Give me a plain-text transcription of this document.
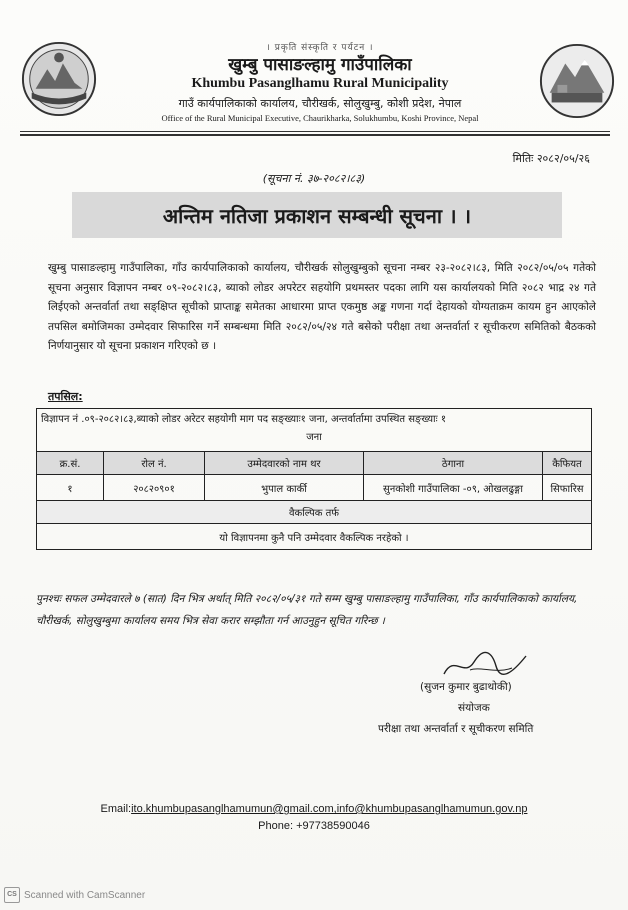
। प्रकृति संस्कृति र पर्यटन ।
खुम्बु पासाङल्हामु गाउँपालिका
Khumbu Pasanglhamu Rural Municipality
गाउँ कार्यपालिकाको कार्यालय, चौरीखर्क, सोलुखुम्बु, कोशी प्रदेश, नेपाल
Office of the Rural Municipal Executive, Chaurikharka, Solukhumbu, Koshi Province, Nepal
मितिः २०८२/०५/२६
(सूचना नं. ३७-२०८२।८३)
अन्तिम नतिजा प्रकाशन सम्बन्धी सूचना । ।
खुम्बु पासाङल्हामु गाउँपालिका, गाँउ कार्यपालिकाको कार्यालय, चौरीखर्क सोलुखुम्बुको सूचना नम्बर २३-२०८२।८३, मिति २०८२/०५/०५ गतेको सूचना अनुसार विज्ञापन नम्बर ०९-२०८२।८३, ब्याको लोडर अपरेटर सहयोगि प्रथमस्तर पदका लागि यस कार्यालयको मिति २०८२ भाद्र २४ गते लिईएको अन्तर्वार्ता तथा सङ्क्षिप्त सूचीको प्राप्ताङ्क समेतका आधारमा प्राप्त एकमुष्ठ अङ्क गणना गर्दा देहायको योग्यताक्रम कायम हुन आएकोले तपसिल बमोजिमका उम्मेदवार सिफारिस गर्ने सम्बन्धमा मिति २०८२/०५/२४ गते बसेको परीक्षा तथा अन्तर्वार्ता र सूचीकरण समितिको बैठकको निर्णयानुसार यो सूचना प्रकाशन गरिएको छ ।
तपसिल:
विज्ञापन नं .०९-२०८२।८३,ब्याको लोडर अरेटर सहयोगी माग पद सङ्ख्याः१ जना, अन्तर्वार्तामा उपस्थित सङ्ख्याः १
जना				

क्र.सं.	रोल नं.	उम्मेदवारको नाम थर	ठेगाना	कैफियत
१	२०८२०९०१	भुपाल कार्की	सुनकोशी गाउँपालिका -०९, ओखलढुङ्गा	सिफारिस
वैकल्पिक तर्फ				
यो विज्ञापनमा कुनै पनि उम्मेदवार वैकल्पिक नरहेको ।				
पुनश्चः सफल उम्मेदवारले ७ (सात) दिन भित्र अर्थात् मिति २०८२/०५/३१ गते सम्म खुम्बु पासाङल्हामु गाउँपालिका, गाँउ कार्यपालिकाको कार्यालय, चौरीखर्क, सोलुखुम्बुमा कार्यालय समय भित्र सेवा करार सम्झौता गर्न आउनुहुन सूचित गरिन्छ ।
(सुजन कुमार बुढाथोकी)
संयोजक
परीक्षा तथा अन्तर्वार्ता र सूचीकरण समिति
Email:ito.khumbupasanglhamumun@gmail.com,info@khumbupasanglhamumun.gov.np
Phone: +97738590046
CS Scanned with CamScanner
